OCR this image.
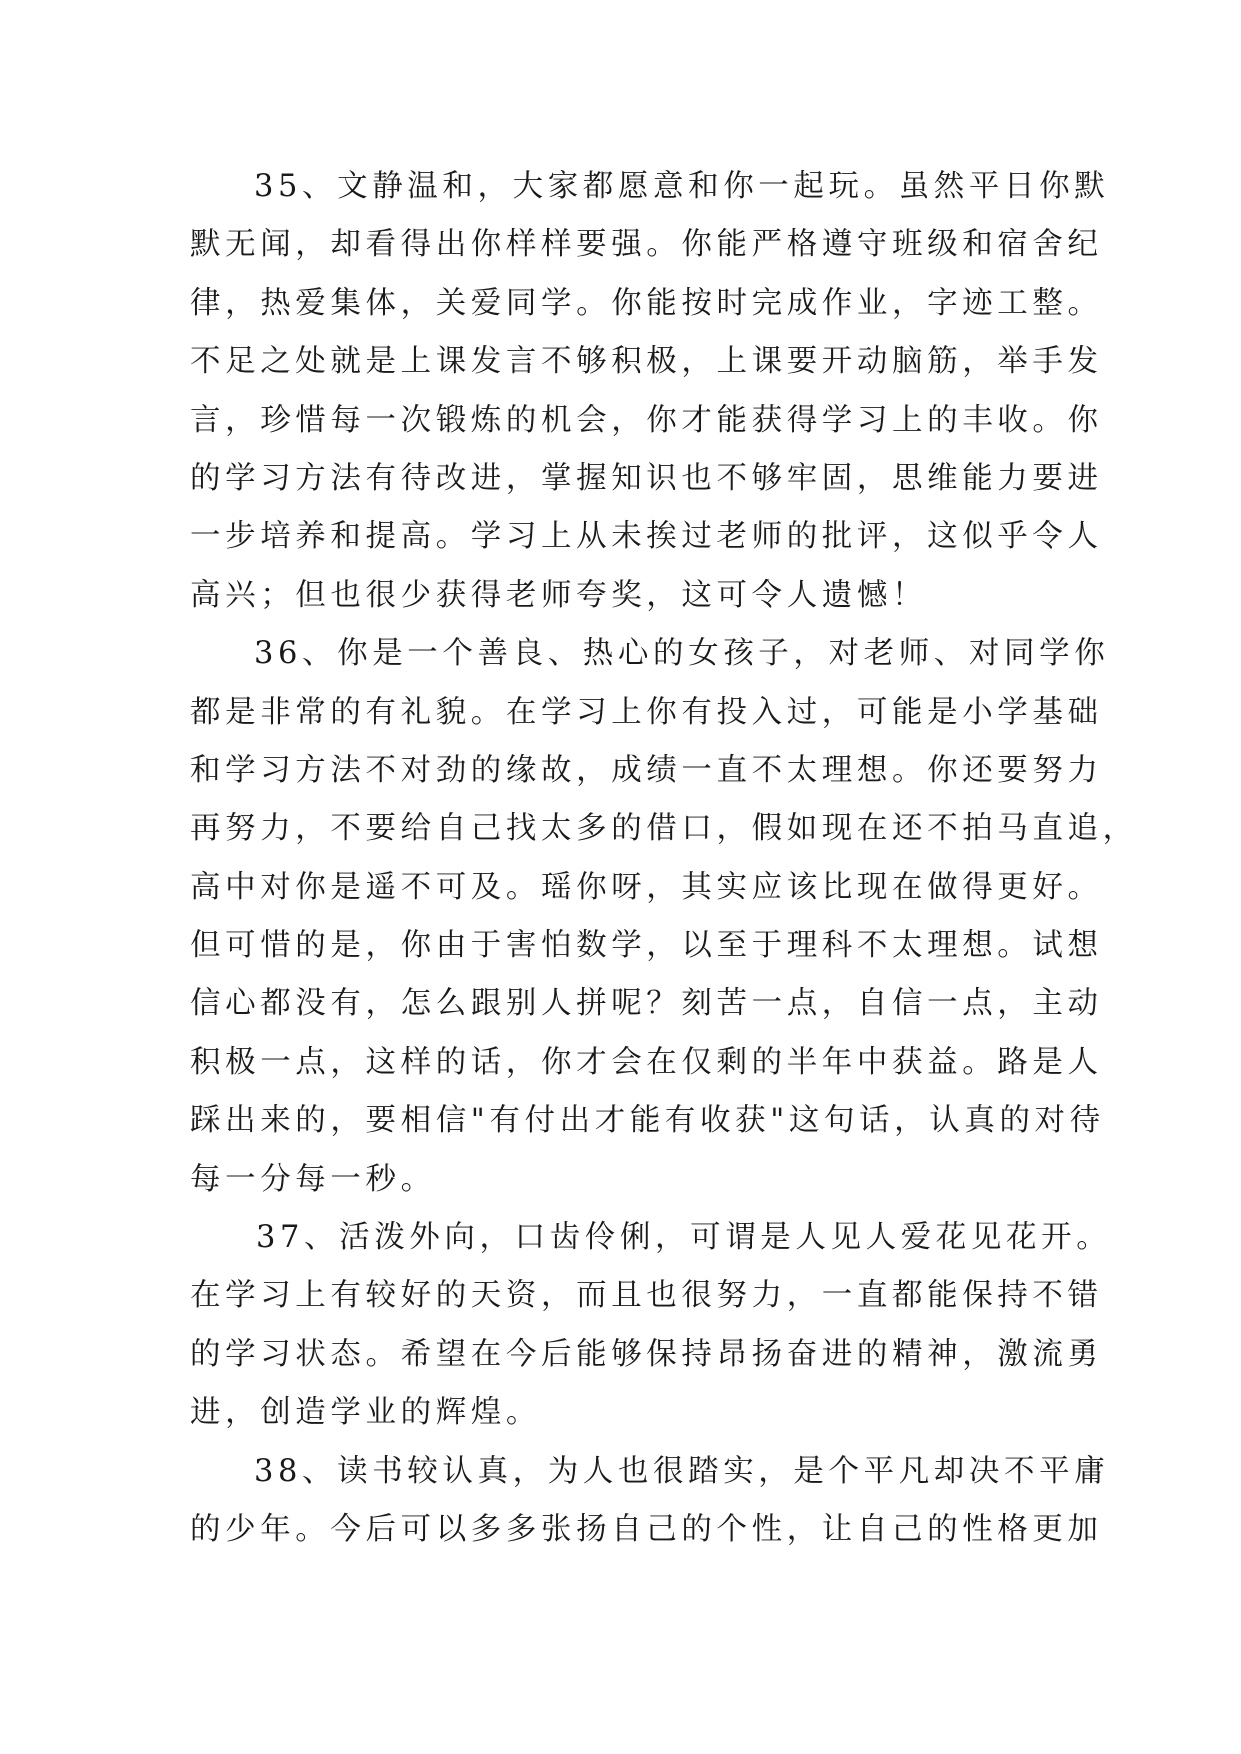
35、文静温和，大家都愿意和你一起玩。虽然平日你默
默无闻，却看得出你样样要强。你能严格遵守班级和宿舍纪
律，热爱集体，关爱同学。你能按时完成作业，字迹工整。
不足之处就是上课发言不够积极，上课要开动脑筋，举手发
言，珍惜每一次锻炼的机会，你才能获得学习上的丰收。你
的学习方法有待改进，掌握知识也不够牢固，思维能力要进
一步培养和提高。学习上从未挨过老师的批评，这似乎令人
高兴；但也很少获得老师夸奖，这可令人遗憾！
36、你是一个善良、热心的女孩子，对老师、对同学你
都是非常的有礼貌。在学习上你有投入过，可能是小学基础
和学习方法不对劲的缘故，成绩一直不太理想。你还要努力
再努力，不要给自己找太多的借口，假如现在还不拍马直追，
高中对你是遥不可及。瑶你呀，其实应该比现在做得更好。
但可惜的是，你由于害怕数学，以至于理科不太理想。试想
信心都没有，怎么跟别人拼呢？刻苦一点，自信一点，主动
积极一点，这样的话，你才会在仅剩的半年中获益。路是人
踩出来的，要相信"有付出才能有收获"这句话，认真的对待
每一分每一秒。
37、活泼外向，口齿伶俐，可谓是人见人爱花见花开。
在学习上有较好的天资，而且也很努力，一直都能保持不错
的学习状态。希望在今后能够保持昂扬奋进的精神，激流勇
进，创造学业的辉煌。
38、读书较认真，为人也很踏实，是个平凡却决不平庸
的少年。今后可以多多张扬自己的个性，让自己的性格更加
